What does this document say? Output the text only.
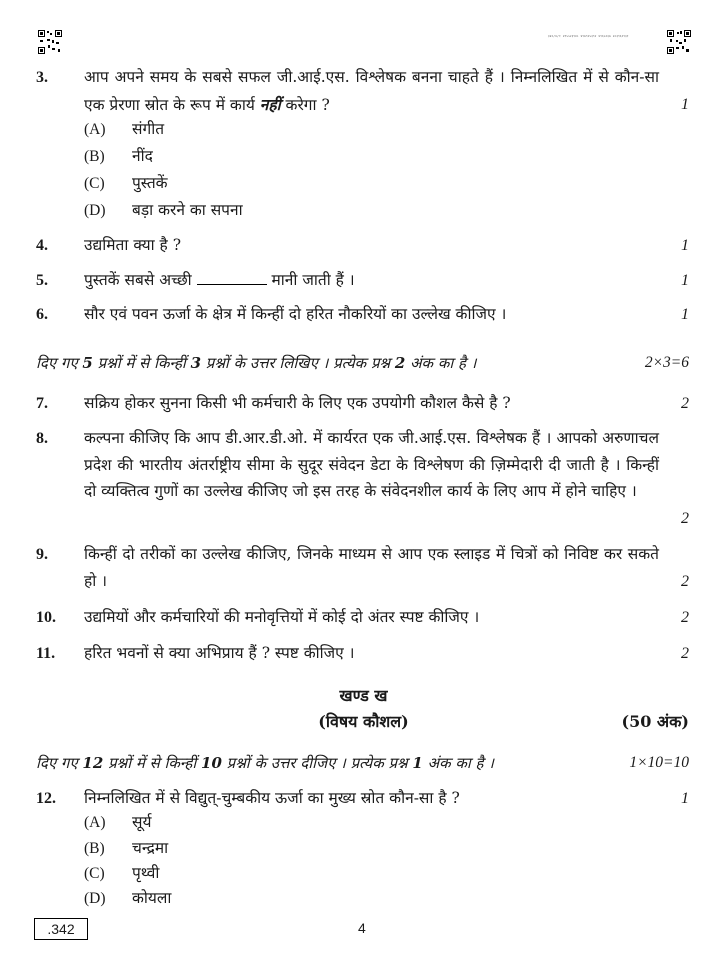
३४२/४/१ ४९५५२३९४८ ४९७९२५३९२ ४९६५२३७ ४८३९६२९३१
3. आप अपने समय के सबसे सफल जी.आई.एस. विश्लेषक बनना चाहते हैं । निम्नलिखित में से कौन-सा एक प्रेरणा स्रोत के रूप में कार्य नहीं करेगा ?	1
(A) संगीत
(B) नींद
(C) पुस्तकें
(D) बड़ा करने का सपना
4. उद्यमिता क्या है ?	1
5. पुस्तकें सबसे अच्छी	मानी जाती हैं ।	1
6. सौर एवं पवन ऊर्जा के क्षेत्र में किन्हीं दो हरित नौकरियों का उल्लेख कीजिए ।	1
दिए गए 5 प्रश्नों में से किन्हीं 3 प्रश्नों के उत्तर लिखिए । प्रत्येक प्रश्न 2 अंक का है ।	2×3=6
7. सक्रिय होकर सुनना किसी भी कर्मचारी के लिए एक उपयोगी कौशल कैसे है ?	2
8. कल्पना कीजिए कि आप डी.आर.डी.ओ. में कार्यरत एक जी.आई.एस. विश्लेषक हैं । आपको अरुणाचल प्रदेश की भारतीय अंतर्राष्ट्रीय सीमा के सुदूर संवेदन डेटा के विश्लेषण की ज़िम्मेदारी दी जाती है । किन्हीं दो व्यक्तित्व गुणों का उल्लेख कीजिए जो इस तरह के संवेदनशील कार्य के लिए आप में होने चाहिए ।
2
9. किन्हीं दो तरीकों का उल्लेख कीजिए, जिनके माध्यम से आप एक स्लाइड में चित्रों को निविष्ट कर सकते हो ।	2
10. उद्यमियों और कर्मचारियों की मनोवृत्तियों में कोई दो अंतर स्पष्ट कीजिए ।	2
11. हरित भवनों से क्या अभिप्राय हैं ? स्पष्ट कीजिए ।	2
खण्ड ख
(विषय कौशल)	(50 अंक)
दिए गए 12 प्रश्नों में से किन्हीं 10 प्रश्नों के उत्तर दीजिए । प्रत्येक प्रश्न 1 अंक का है ।	1×10=10
12. निम्नलिखित में से विद्युत्-चुम्बकीय ऊर्जा का मुख्य स्रोत कौन-सा है ?	1
(A) सूर्य
(B) चन्द्रमा
(C) पृथ्वी
(D) कोयला
.342	4
